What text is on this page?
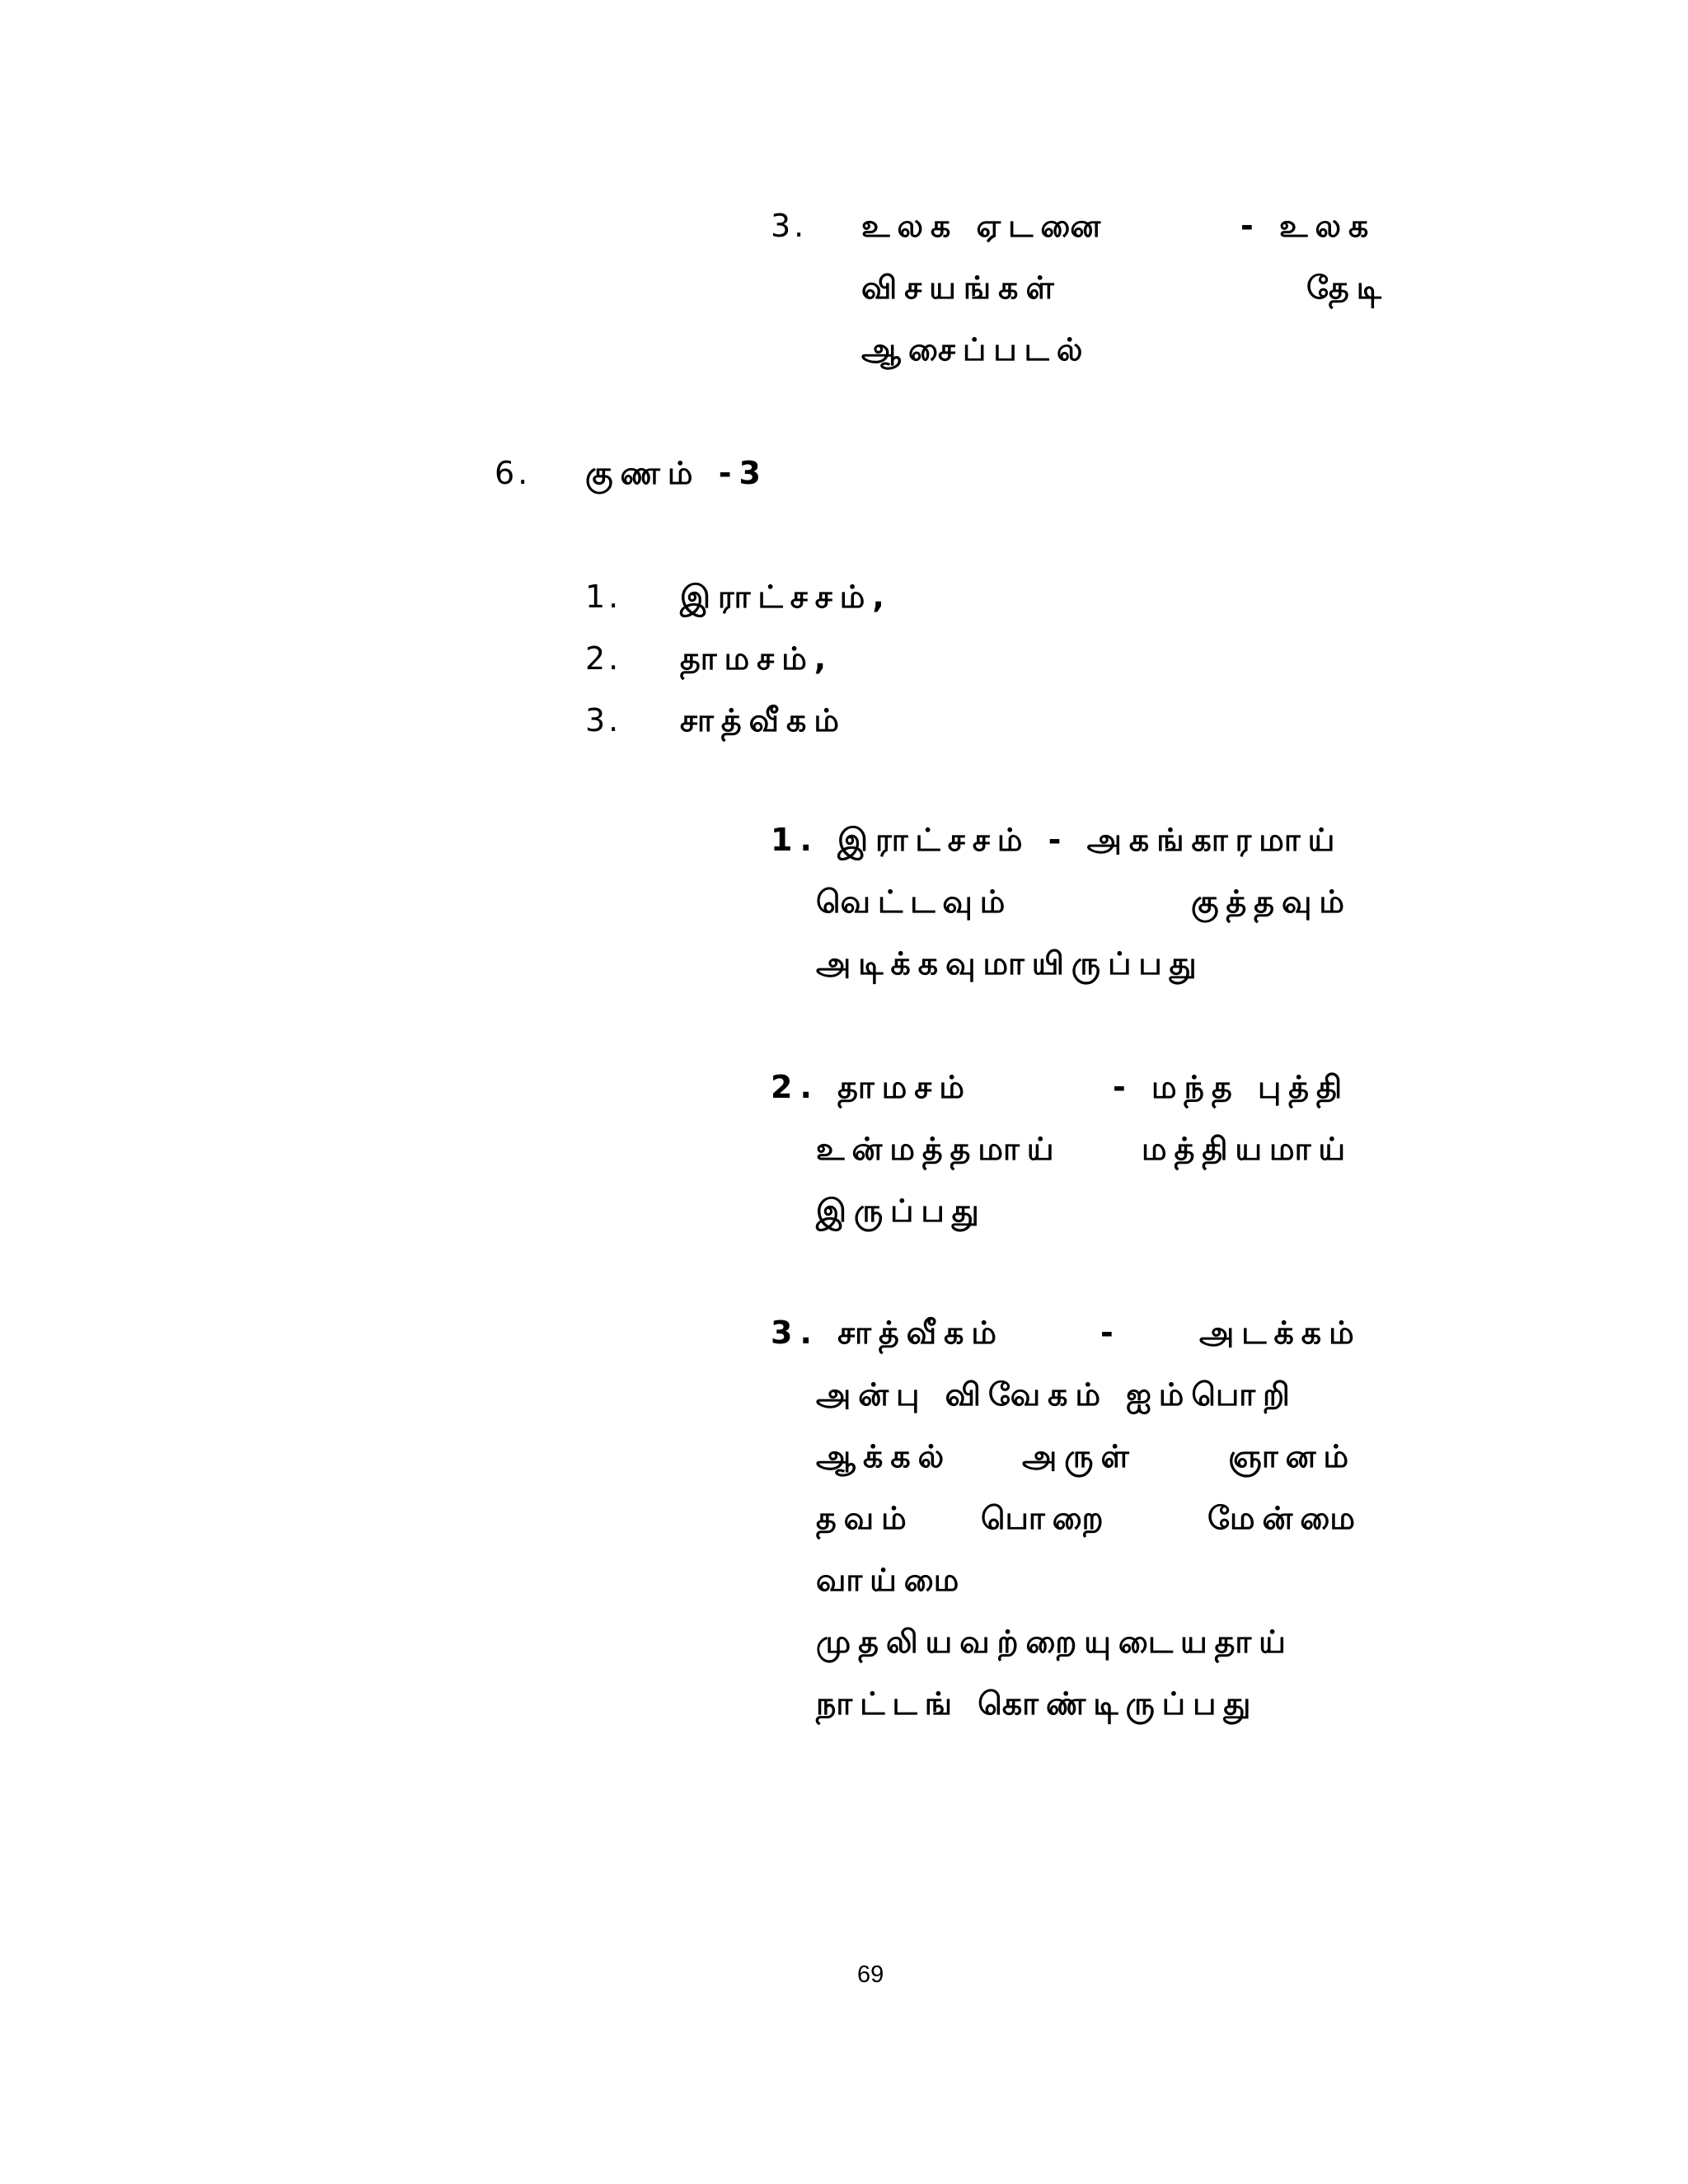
3. உலக ஏடனை	- உலக
விசயங்கள்	தேடி
ஆசைப்படல்
6. குணம் -3
1. இராட்சசம்,
2. தாமசம்,
3. சாத்வீகம்
1. இராட்சசம் - அகங்காரமாய்
வெட்டவும்	குத்தவும்
அடிக்கவுமாயிருப்பது
2. தாமசம்	- மந்த புத்தி
உன்மத்தமாய்	மத்தியமாய்
இருப்பது
3. சாத்வீகம்	-	அடக்கம்
அன்பு விவேகம் ஐம்பொறி
ஆக்கல் அருள்	ஞானம்
தவம் பொறை	மேன்மை
வாய்மை
முதலியவற்றையுடையதாய்
நாட்டங் கொண்டிருப்பது
69
